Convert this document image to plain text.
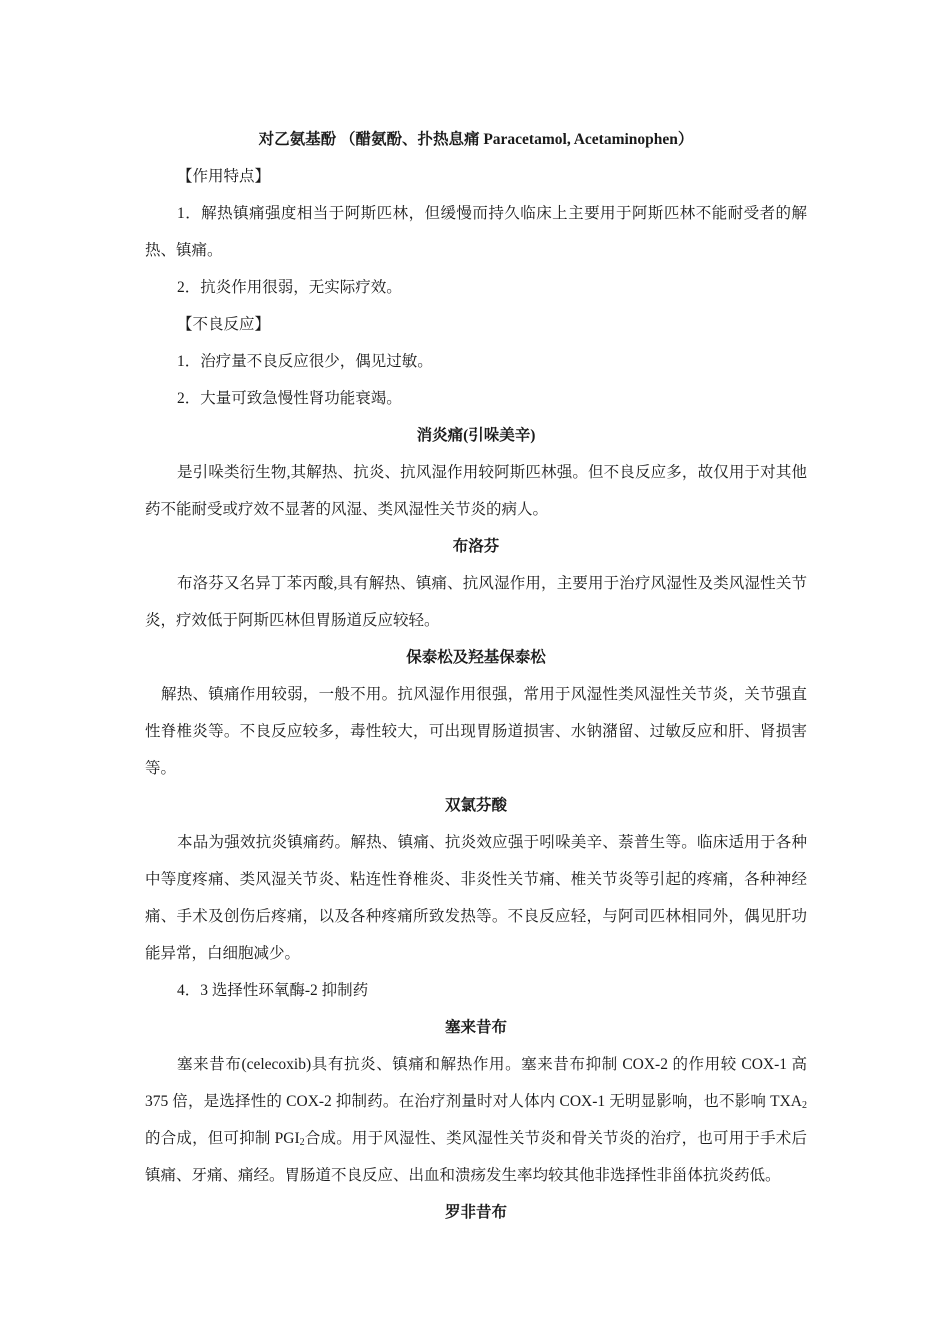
对乙氨基酚 （醋氨酚、扑热息痛 Paracetamol, Acetaminophen）

【作用特点】

1．解热镇痛强度相当于阿斯匹林，但缓慢而持久临床上主要用于阿斯匹林不能耐受者的解热、镇痛。

2．抗炎作用很弱，无实际疗效。

【不良反应】

1．治疗量不良反应很少，偶见过敏。

2．大量可致急慢性肾功能衰竭。

消炎痛(引哚美辛)

是引哚类衍生物,其解热、抗炎、抗风湿作用较阿斯匹林强。但不良反应多，故仅用于对其他药不能耐受或疗效不显著的风湿、类风湿性关节炎的病人。

布洛芬

布洛芬又名异丁苯丙酸,具有解热、镇痛、抗风湿作用，主要用于治疗风湿性及类风湿性关节炎，疗效低于阿斯匹林但胃肠道反应较轻。

保泰松及羟基保泰松

解热、镇痛作用较弱，一般不用。抗风湿作用很强，常用于风湿性类风湿性关节炎，关节强直性脊椎炎等。不良反应较多，毒性较大，可出现胃肠道损害、水钠潴留、过敏反应和肝、肾损害等。

双氯芬酸

本品为强效抗炎镇痛药。解热、镇痛、抗炎效应强于吲哚美辛、萘普生等。临床适用于各种中等度疼痛、类风湿关节炎、粘连性脊椎炎、非炎性关节痛、椎关节炎等引起的疼痛，各种神经痛、手术及创伤后疼痛，以及各种疼痛所致发热等。不良反应轻，与阿司匹林相同外，偶见肝功能异常，白细胞减少。

4．3 选择性环氧酶-2 抑制药

塞来昔布

塞来昔布(celecoxib)具有抗炎、镇痛和解热作用。塞来昔布抑制 COX-2 的作用较 COX-1 高 375 倍，是选择性的 COX-2 抑制药。在治疗剂量时对人体内 COX-1 无明显影响，也不影响 $TXA_2$的合成，但可抑制 $PGI_2$合成。用于风湿性、类风湿性关节炎和骨关节炎的治疗，也可用于手术后镇痛、牙痛、痛经。胃肠道不良反应、出血和溃疡发生率均较其他非选择性非甾体抗炎药低。

罗非昔布
